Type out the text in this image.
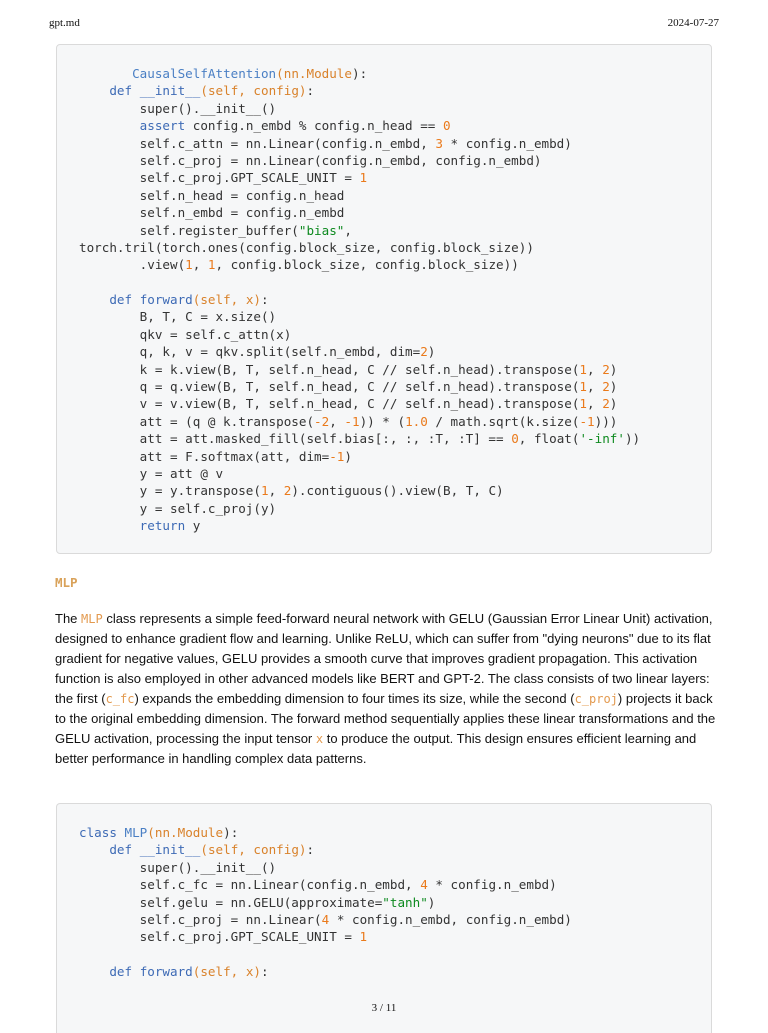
gpt.md	2024-07-27
CausalSelfAttention(nn.Module):
def __init__(self, config):
super().__init__()
assert config.n_embd % config.n_head == 0
self.c_attn = nn.Linear(config.n_embd, 3 * config.n_embd)
self.c_proj = nn.Linear(config.n_embd, config.n_embd)
self.c_proj.GPT_SCALE_UNIT = 1
self.n_head = config.n_head
self.n_embd = config.n_embd
self.register_buffer("bias",
torch.tril(torch.ones(config.block_size, config.block_size))
.view(1, 1, config.block_size, config.block_size))
def forward(self, x):
B, T, C = x.size()
qkv = self.c_attn(x)
q, k, v = qkv.split(self.n_embd, dim=2)
k = k.view(B, T, self.n_head, C // self.n_head).transpose(1, 2)
q = q.view(B, T, self.n_head, C // self.n_head).transpose(1, 2)
v = v.view(B, T, self.n_head, C // self.n_head).transpose(1, 2)
att = (q @ k.transpose(-2, -1)) * (1.0 / math.sqrt(k.size(-1)))
att = att.masked_fill(self.bias[:, :, :T, :T] == 0, float('-inf'))
att = F.softmax(att, dim=-1)
y = att @ v
y = y.transpose(1, 2).contiguous().view(B, T, C)
y = self.c_proj(y)
return y
MLP
The MLP class represents a simple feed-forward neural network with GELU (Gaussian Error Linear Unit) activation, designed to enhance gradient flow and learning. Unlike ReLU, which can suffer from "dying neurons" due to its flat gradient for negative values, GELU provides a smooth curve that improves gradient propagation. This activation function is also employed in other advanced models like BERT and GPT-2. The class consists of two linear layers: the first (c_fc) expands the embedding dimension to four times its size, while the second (c_proj) projects it back to the original embedding dimension. The forward method sequentially applies these linear transformations and the GELU activation, processing the input tensor x to produce the output. This design ensures efficient learning and better performance in handling complex data patterns.
class MLP(nn.Module):
def __init__(self, config):
super().__init__()
self.c_fc = nn.Linear(config.n_embd, 4 * config.n_embd)
self.gelu = nn.GELU(approximate="tanh")
self.c_proj = nn.Linear(4 * config.n_embd, config.n_embd)
self.c_proj.GPT_SCALE_UNIT = 1
def forward(self, x):
3 / 11
